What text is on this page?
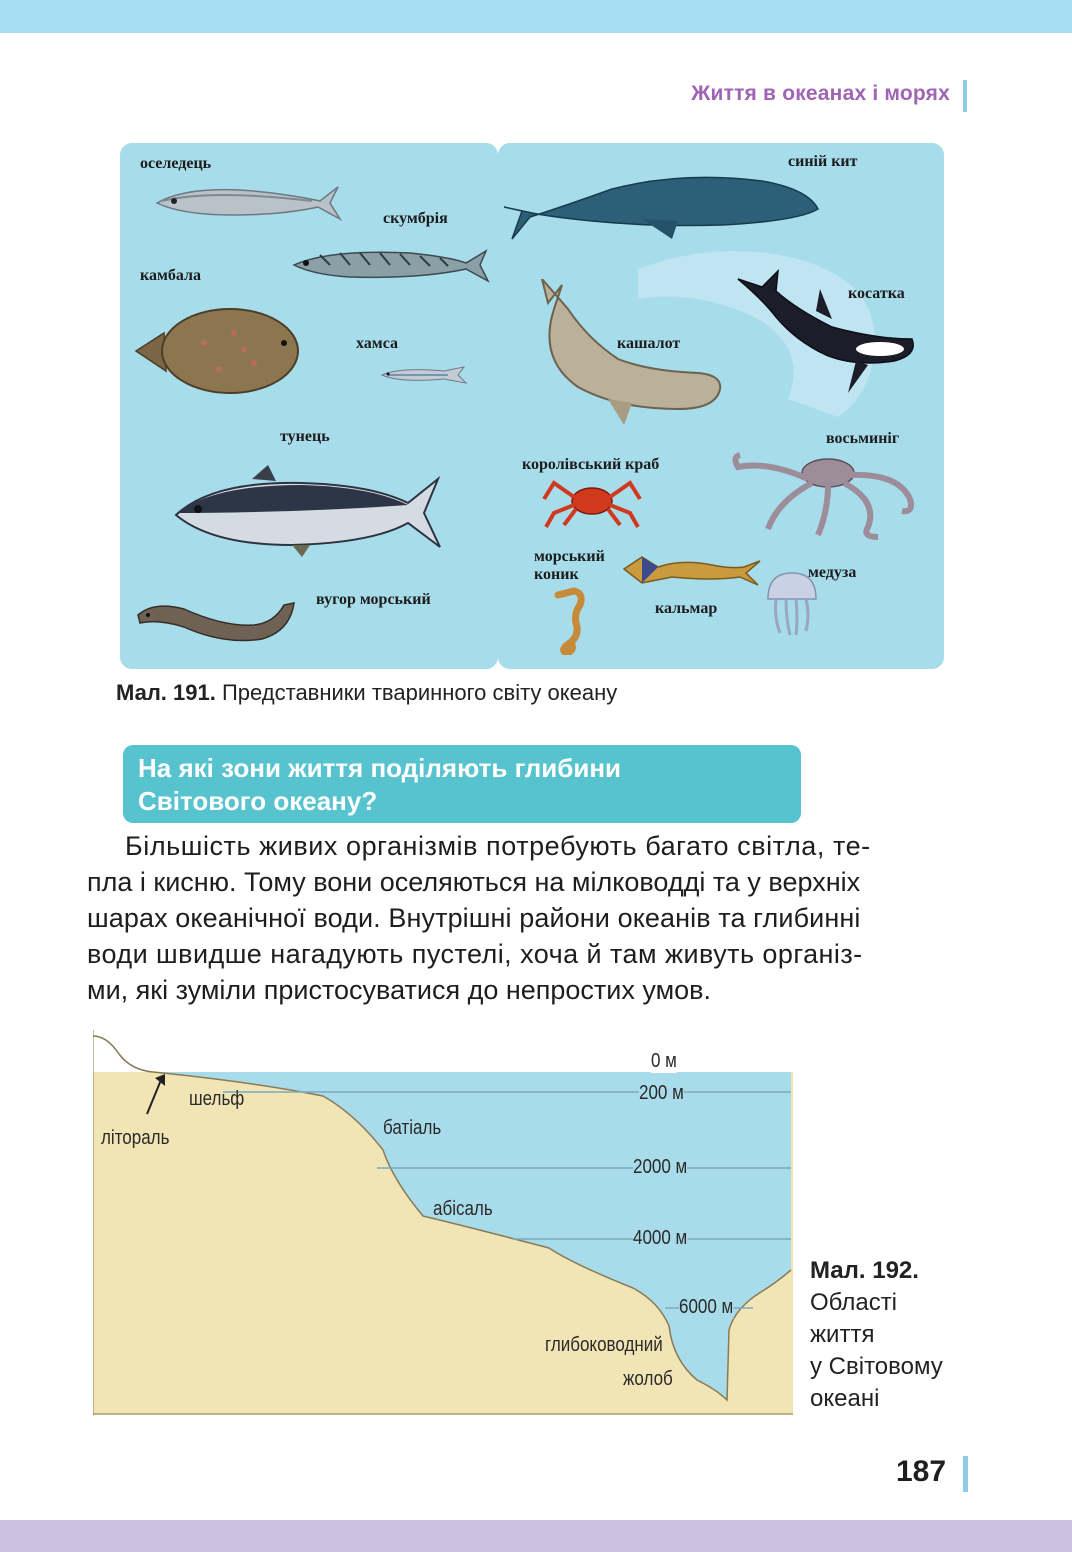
Життя в океанах і морях
оселедець
скумбрія
камбала
хамса
тунець
вугор морський
синій кит
косатка
кашалот
восьминіг
королівський краб
морський
коник
кальмар
медуза
Мал. 191. Представники тваринного світу океану
На які зони життя поділяють глибини
Світового океану?
Більшість живих організмів потребують багато світла, те-
пла і кисню. Тому вони оселяються на мілководді та у верхніх
шарах океанічної води. Внутрішні райони океанів та глибинні
води швидше нагадують пустелі, хоча й там живуть організ-
ми, які зуміли пристосуватися до непростих умов.
0 м
200 м
2000 м
4000 м
6000 м
літораль
шельф
батіаль
абісаль
глибоководний
жолоб
Мал. 192.
Області
життя
у Світовому
океані
187
